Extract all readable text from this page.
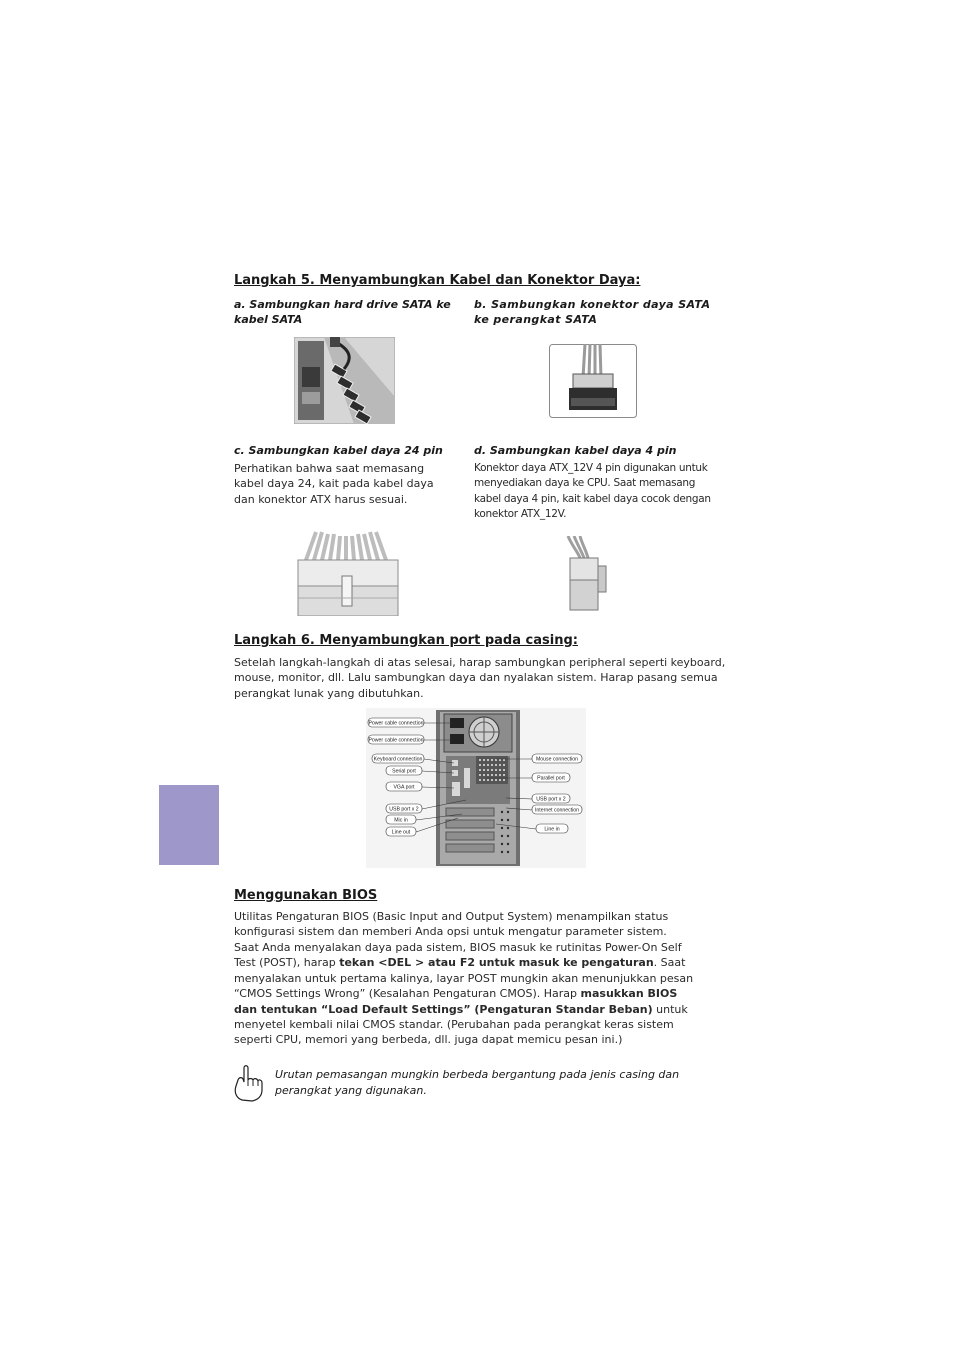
Langkah 5. Menyambungkan Kabel dan Konektor Daya:
a. Sambungkan hard drive SATA ke kabel SATA
b. Sambungkan konektor daya SATA ke perangkat SATA
c. Sambungkan kabel daya 24 pin
Perhatikan bahwa saat memasang kabel daya 24, kait pada kabel daya dan konektor ATX harus sesuai.
d. Sambungkan kabel daya 4 pin
Konektor daya ATX_12V 4 pin digunakan untuk menyediakan daya ke CPU. Saat memasang kabel daya 4 pin, kait kabel daya cocok dengan konektor ATX_12V.
Langkah 6. Menyambungkan port pada casing:
Setelah langkah-langkah di atas selesai, harap sambungkan peripheral seperti keyboard, mouse, monitor, dll. Lalu sambungkan daya dan nyalakan sistem. Harap pasang semua perangkat lunak yang dibutuhkan.
Power cable connection
Power cable connection
Keyboard connection
Serial port
VGA port
USB port x 2
Mic in
Line out
Mouse connection
Parallel port
USB port x 2
Internet connection
Line in
Menggunakan BIOS
Utilitas Pengaturan BIOS (Basic Input and Output System) menampilkan status konfigurasi sistem dan memberi Anda opsi untuk mengatur parameter sistem.
Saat Anda menyalakan daya pada sistem, BIOS masuk ke rutinitas Power-On Self Test (POST), harap tekan <DEL > atau F2 untuk masuk ke pengaturan. Saat menyalakan untuk pertama kalinya, layar POST mungkin akan menunjukkan pesan “CMOS Settings Wrong” (Kesalahan Pengaturan CMOS). Harap masukkan BIOS dan tentukan “Load Default Settings” (Pengaturan Standar Beban) untuk menyetel kembali nilai CMOS standar. (Perubahan pada perangkat keras sistem seperti CPU, memori yang berbeda, dll. juga dapat memicu pesan ini.)
Urutan pemasangan mungkin berbeda bergantung pada jenis casing dan perangkat yang digunakan.
